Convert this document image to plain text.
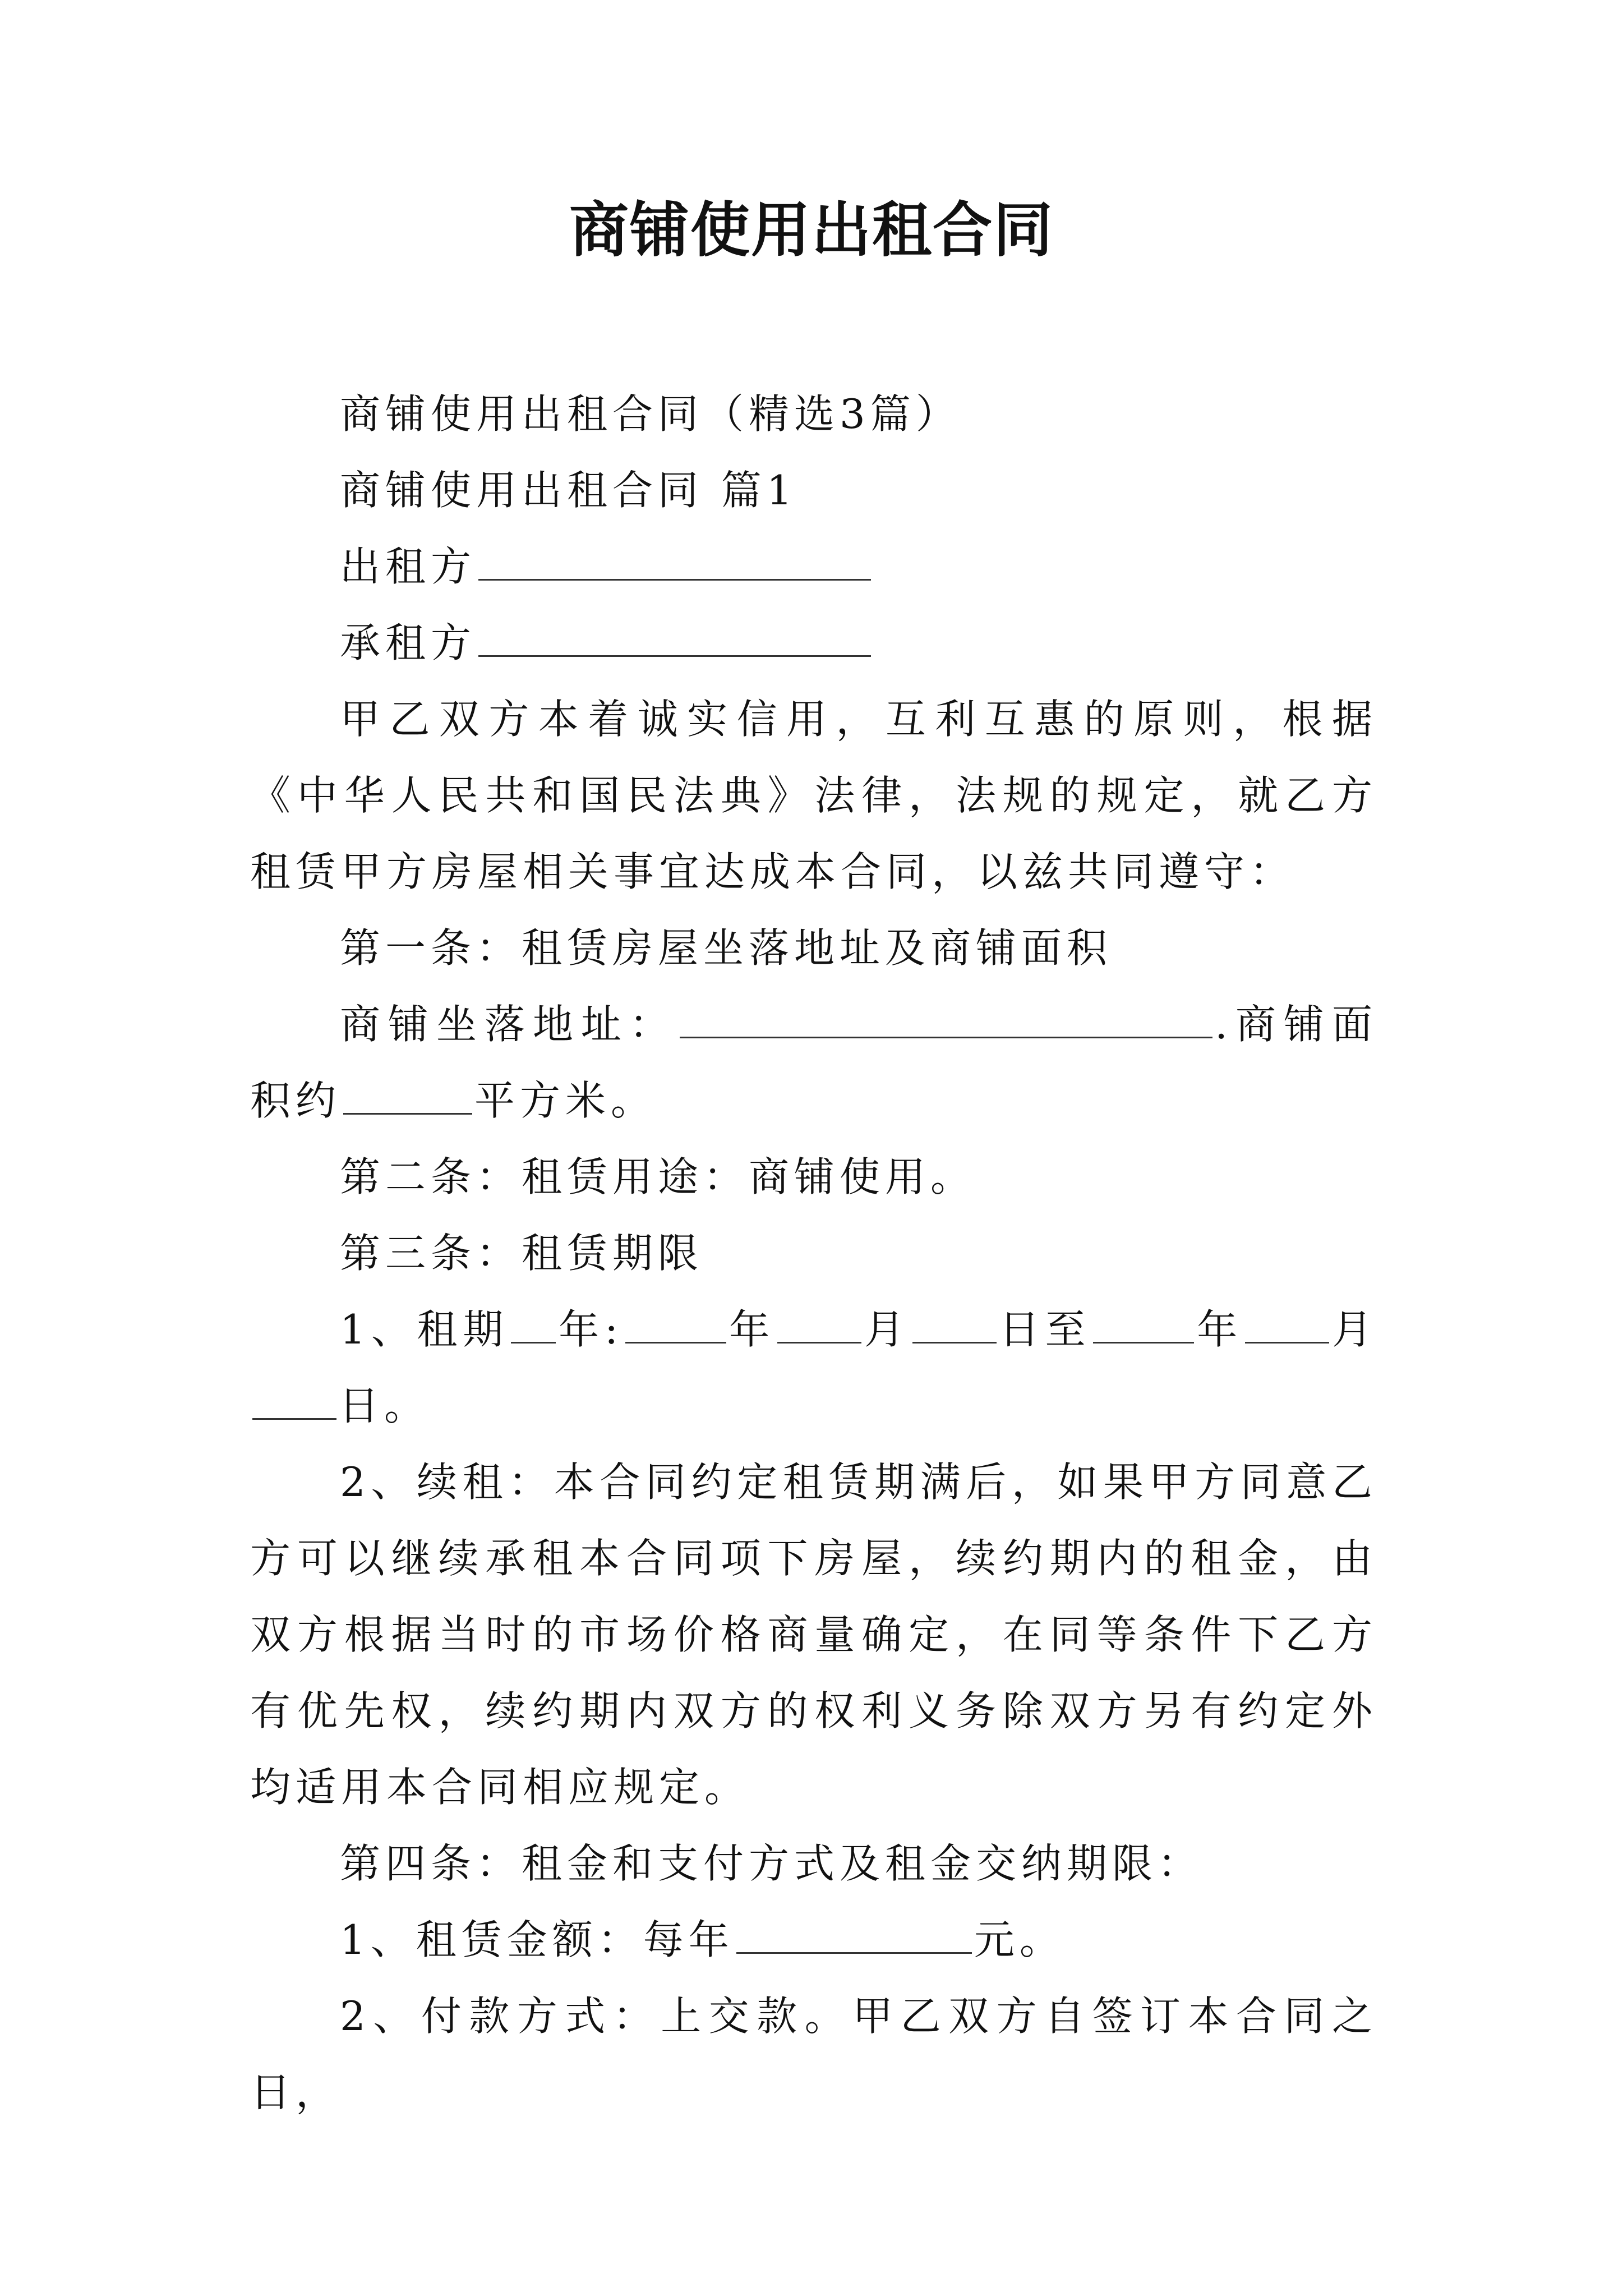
商铺使用出租合同

商铺使用出租合同（精选3篇）

商铺使用出租合同 篇1

出租方

承租方

甲乙双方本着诚实信用，互利互惠的原则，根据《中华人民共和国民法典》法律，法规的规定，就乙方租赁甲方房屋相关事宜达成本合同，以兹共同遵守：

第一条：租赁房屋坐落地址及商铺面积

商铺坐落地址：	.商铺面积约	平方米。

第二条：租赁用途：商铺使用。

第三条：租赁期限

1、租期 年:	年 月 日至	年 月日。

2、续租：本合同约定租赁期满后，如果甲方同意乙方可以继续承租本合同项下房屋，续约期内的租金，由双方根据当时的市场价格商量确定，在同等条件下乙方有优先权，续约期内双方的权利义务除双方另有约定外均适用本合同相应规定。

第四条：租金和支付方式及租金交纳期限：

1、租赁金额：每年	元。

2、付款方式：上交款。甲乙双方自签订本合同之日，
